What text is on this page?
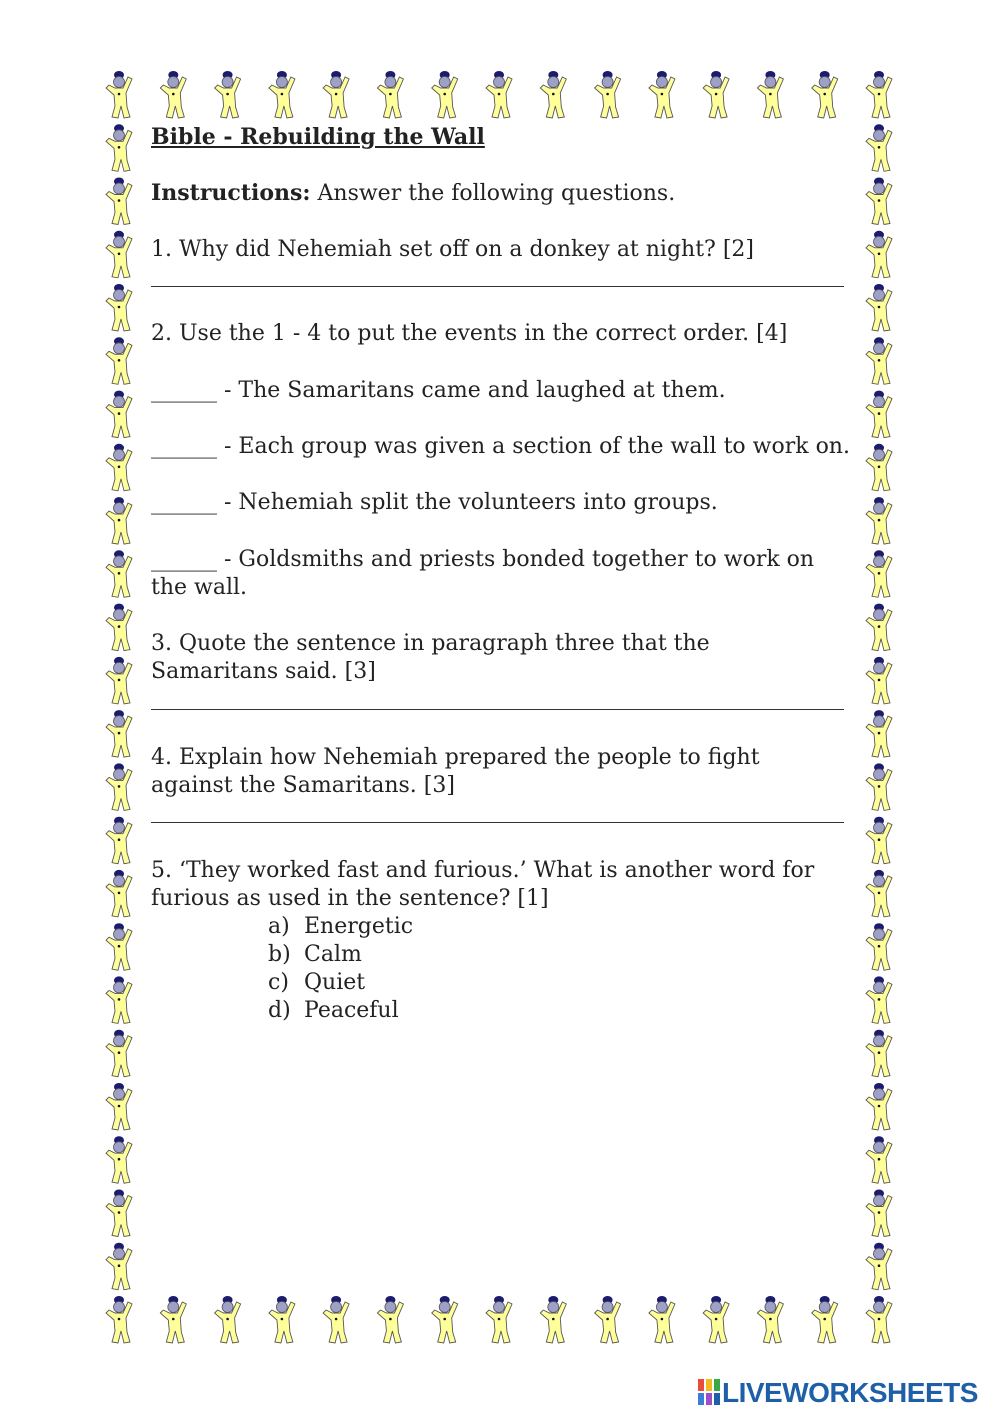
Bible - Rebuilding the Wall
Instructions: Answer the following questions.
1. Why did Nehemiah set off on a donkey at night? [2]
2. Use the 1 - 4 to put the events in the correct order. [4]
______ - The Samaritans came and laughed at them.
______ - Each group was given a section of the wall to work on.
______ - Nehemiah split the volunteers into groups.
______ - Goldsmiths and priests bonded together to work on the wall.
3. Quote the sentence in paragraph three that the Samaritans said. [3]
4. Explain how Nehemiah prepared the people to fight against the Samaritans. [3]
5. ‘They worked fast and furious.’ What is another word for furious as used in the sentence? [1]
a) Energetic
b) Calm
c) Quiet
d) Peaceful
LIVEWORKSHEETS
